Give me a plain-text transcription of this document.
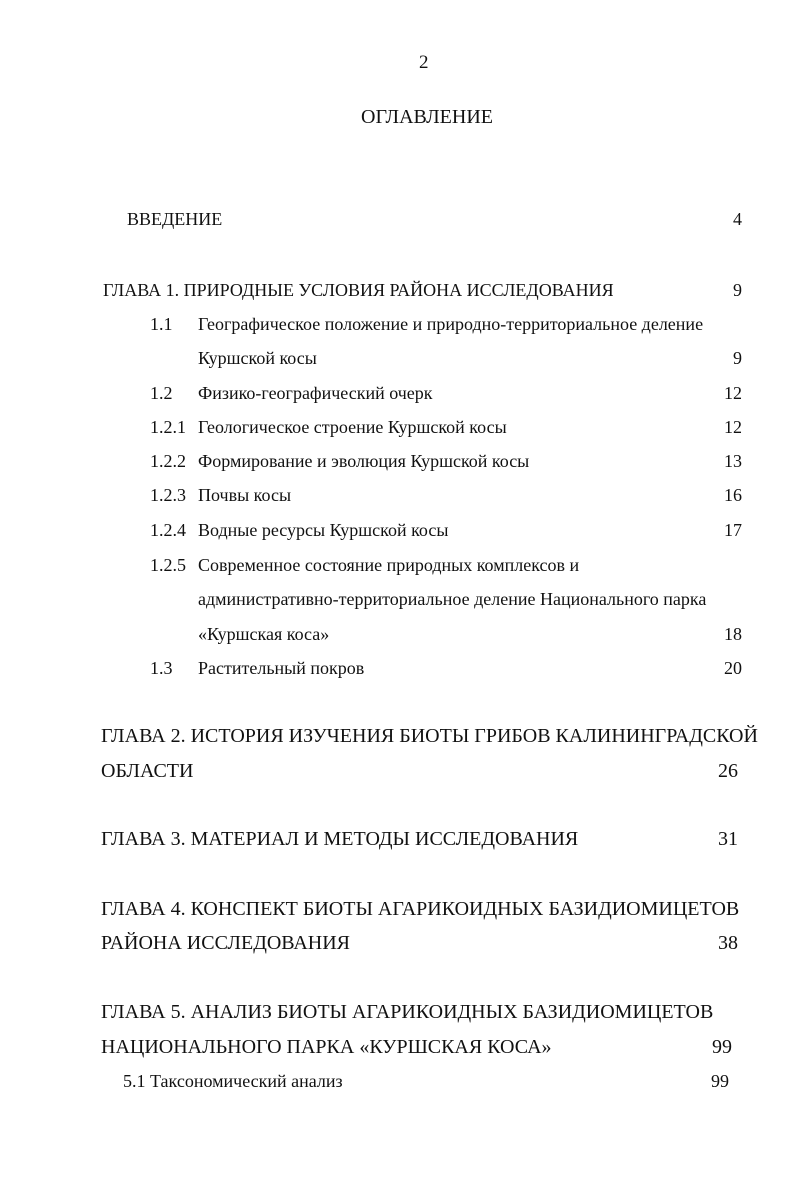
2
ОГЛАВЛЕНИЕ
ВВЕДЕНИЕ	4
ГЛАВА 1. ПРИРОДНЫЕ УСЛОВИЯ РАЙОНА ИССЛЕДОВАНИЯ	9
1.1 Географическое положение и природно-территориальное деление
Куршской косы	9
1.2 Физико-географический очерк	12
1.2.1 Геологическое строение Куршской косы	12
1.2.2 Формирование и эволюция Куршской косы	13
1.2.3 Почвы косы	16
1.2.4 Водные ресурсы Куршской косы	17
1.2.5 Современное состояние природных комплексов и
административно-территориальное деление Национального парка
«Куршская коса»	18
1.3 Растительный покров	20
ГЛАВА 2. ИСТОРИЯ ИЗУЧЕНИЯ БИОТЫ ГРИБОВ КАЛИНИНГРАДСКОЙ
ОБЛАСТИ	26
ГЛАВА 3. МАТЕРИАЛ И МЕТОДЫ ИССЛЕДОВАНИЯ	31
ГЛАВА 4. КОНСПЕКТ БИОТЫ АГАРИКОИДНЫХ БАЗИДИОМИЦЕТОВ
РАЙОНА ИССЛЕДОВАНИЯ	38
ГЛАВА 5. АНАЛИЗ БИОТЫ АГАРИКОИДНЫХ БАЗИДИОМИЦЕТОВ
НАЦИОНАЛЬНОГО ПАРКА «КУРШСКАЯ КОСА»	99
5.1 Таксономический анализ	99
